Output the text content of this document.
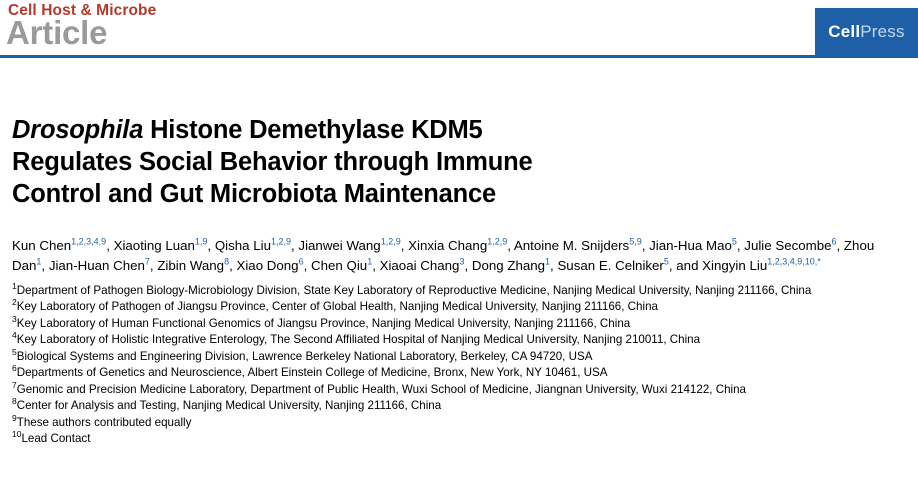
Cell Host & Microbe
Article	Cell Press
Drosophila Histone Demethylase KDM5
Regulates Social Behavior through Immune
Control and Gut Microbiota Maintenance
Kun Chen$^{1,2,3,4,9}$, Xiaoting Luan$^{1,9}$, Qisha Liu$^{1,2,9}$, Jianwei Wang$^{1,2,9}$, Xinxia Chang$^{1,2,9}$, Antoine M. Snijders$^{5,9}$, Jian-Hua Mao$^5$, Julie Secombe$^6$, Zhou Dan$^1$, Jian-Huan Chen$^7$, Zibin Wang$^8$, Xiao Dong$^6$, Chen Qiu$^1$, Xiaoai Chang$^3$, Dong Zhang$^1$, Susan E. Celniker$^5$, and Xingyin Liu$^{1,2,3,4,9,10,*}$
$^1$Department of Pathogen Biology-Microbiology Division, State Key Laboratory of Reproductive Medicine, Nanjing Medical University, Nanjing 211166, China
$^2$Key Laboratory of Pathogen of Jiangsu Province, Center of Global Health, Nanjing Medical University, Nanjing 211166, China
$^3$Key Laboratory of Human Functional Genomics of Jiangsu Province, Nanjing Medical University, Nanjing 211166, China
$^4$Key Laboratory of Holistic Integrative Enterology, The Second Affiliated Hospital of Nanjing Medical University, Nanjing 210011, China
$^5$Biological Systems and Engineering Division, Lawrence Berkeley National Laboratory, Berkeley, CA 94720, USA
$^6$Departments of Genetics and Neuroscience, Albert Einstein College of Medicine, Bronx, New York, NY 10461, USA
$^7$Genomic and Precision Medicine Laboratory, Department of Public Health, Wuxi School of Medicine, Jiangnan University, Wuxi 214122, China
$^8$Center for Analysis and Testing, Nanjing Medical University, Nanjing 211166, China
$^9$These authors contributed equally
$^{10}$Lead Contact
